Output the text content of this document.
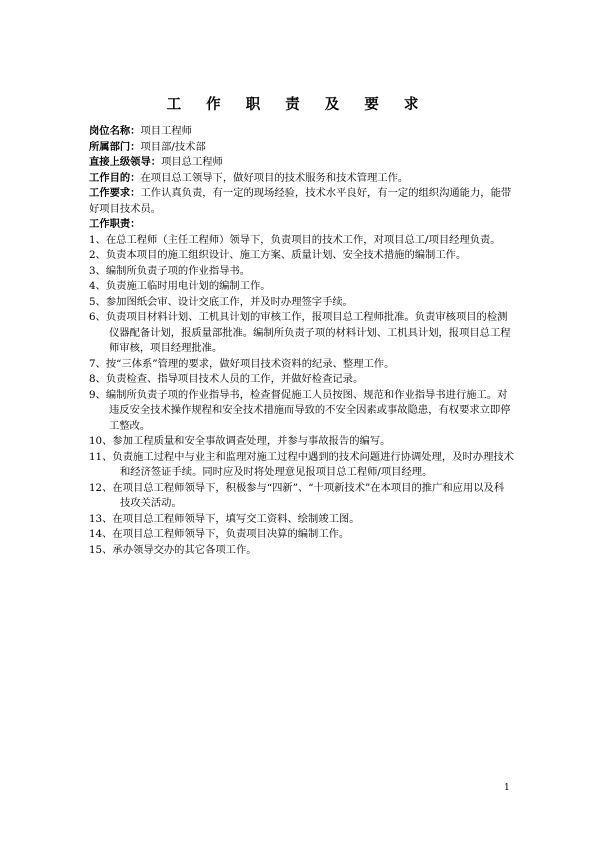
工 作 职 责 及 要 求

岗位名称：项目工程师

所属部门：项目部/技术部

直接上级领导：项目总工程师

工作目的：在项目总工领导下，做好项目的技术服务和技术管理工作。

工作要求：工作认真负责，有一定的现场经验，技术水平良好，有一定的组织沟通能力，能带好项目技术员。

工作职责：

1、在总工程师（主任工程师）领导下，负责项目的技术工作，对项目总工/项目经理负责。
2、负责本项目的施工组织设计、施工方案、质量计划、安全技术措施的编制工作。
3、编制所负责子项的作业指导书。
4、负责施工临时用电计划的编制工作。
5、参加图纸会审、设计交底工作，并及时办理签字手续。
6、负责项目材料计划、工机具计划的审核工作，报项目总工程师批准。负责审核项目的检测仪器配备计划，报质量部批准。编制所负责子项的材料计划、工机具计划，报项目总工程师审核，项目经理批准。
7、按“三体系”管理的要求，做好项目技术资料的纪录、整理工作。
8、负责检查、指导项目技术人员的工作，并做好检查记录。
9、编制所负责子项的作业指导书，检查督促施工人员按图、规范和作业指导书进行施工。对违反安全技术操作规程和安全技术措施而导致的不安全因素或事故隐患，有权要求立即停工整改。
10、参加工程质量和安全事故调查处理，并参与事故报告的编写。
11、负责施工过程中与业主和监理对施工过程中遇到的技术问题进行协调处理，及时办理技术和经济签证手续。同时应及时将处理意见报项目总工程师/项目经理。
12、在项目总工程师领导下，积极参与“四新”、“十项新技术”在本项目的推广和应用以及科技攻关活动。
13、在项目总工程师领导下，填写交工资料、绘制竣工图。
14、在项目总工程师领导下，负责项目决算的编制工作。
15、承办领导交办的其它各项工作。
1
